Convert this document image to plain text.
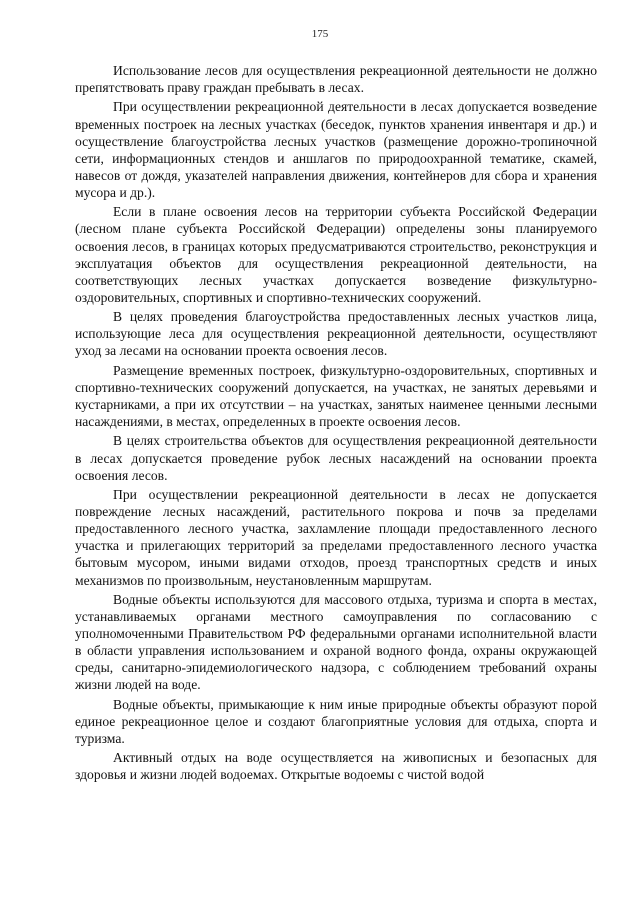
175

Использование лесов для осуществления рекреационной деятельности не должно препятствовать праву граждан пребывать в лесах.

При осуществлении рекреационной деятельности в лесах допускается возведение временных построек на лесных участках (беседок, пунктов хранения инвентаря и др.) и осуществление благоустройства лесных участков (размещение дорожно-тропиночной сети, информационных стендов и аншлагов по природоохранной тематике, скамей, навесов от дождя, указателей направления движения, контейнеров для сбора и хранения мусора и др.).

Если в плане освоения лесов на территории субъекта Российской Федерации (лесном плане субъекта Российской Федерации) определены зоны планируемого освоения лесов, в границах которых предусматриваются строительство, реконструкция и эксплуатация объектов для осуществления рекреационной деятельности, на соответствующих лесных участках допускается возведение физкультурно-оздоровительных, спортивных и спортивно-технических сооружений.

В целях проведения благоустройства предоставленных лесных участков лица, использующие леса для осуществления рекреационной деятельности, осуществляют уход за лесами на основании проекта освоения лесов.

Размещение временных построек, физкультурно-оздоровительных, спортивных и спортивно-технических сооружений допускается, на участках, не занятых деревьями и кустарниками, а при их отсутствии – на участках, занятых наименее ценными лесными насаждениями, в местах, определенных в проекте освоения лесов.

В целях строительства объектов для осуществления рекреационной деятельности в лесах допускается проведение рубок лесных насаждений на основании проекта освоения лесов.

При осуществлении рекреационной деятельности в лесах не допускается повреждение лесных насаждений, растительного покрова и почв за пределами предоставленного лесного участка, захламление площади предоставленного лесного участка и прилегающих территорий за пределами предоставленного лесного участка бытовым мусором, иными видами отходов, проезд транспортных средств и иных механизмов по произвольным, неустановленным маршрутам.

Водные объекты используются для массового отдыха, туризма и спорта в местах, устанавливаемых органами местного самоуправления по согласованию с уполномоченными Правительством РФ федеральными органами исполнительной власти в области управления использованием и охраной водного фонда, охраны окружающей среды, санитарно-эпидемиологического надзора, с соблюдением требований охраны жизни людей на воде.

Водные объекты, примыкающие к ним иные природные объекты образуют порой единое рекреационное целое и создают благоприятные условия для отдыха, спорта и туризма.

Активный отдых на воде осуществляется на живописных и безопасных для здоровья и жизни людей водоемах. Открытые водоемы с чистой водой
